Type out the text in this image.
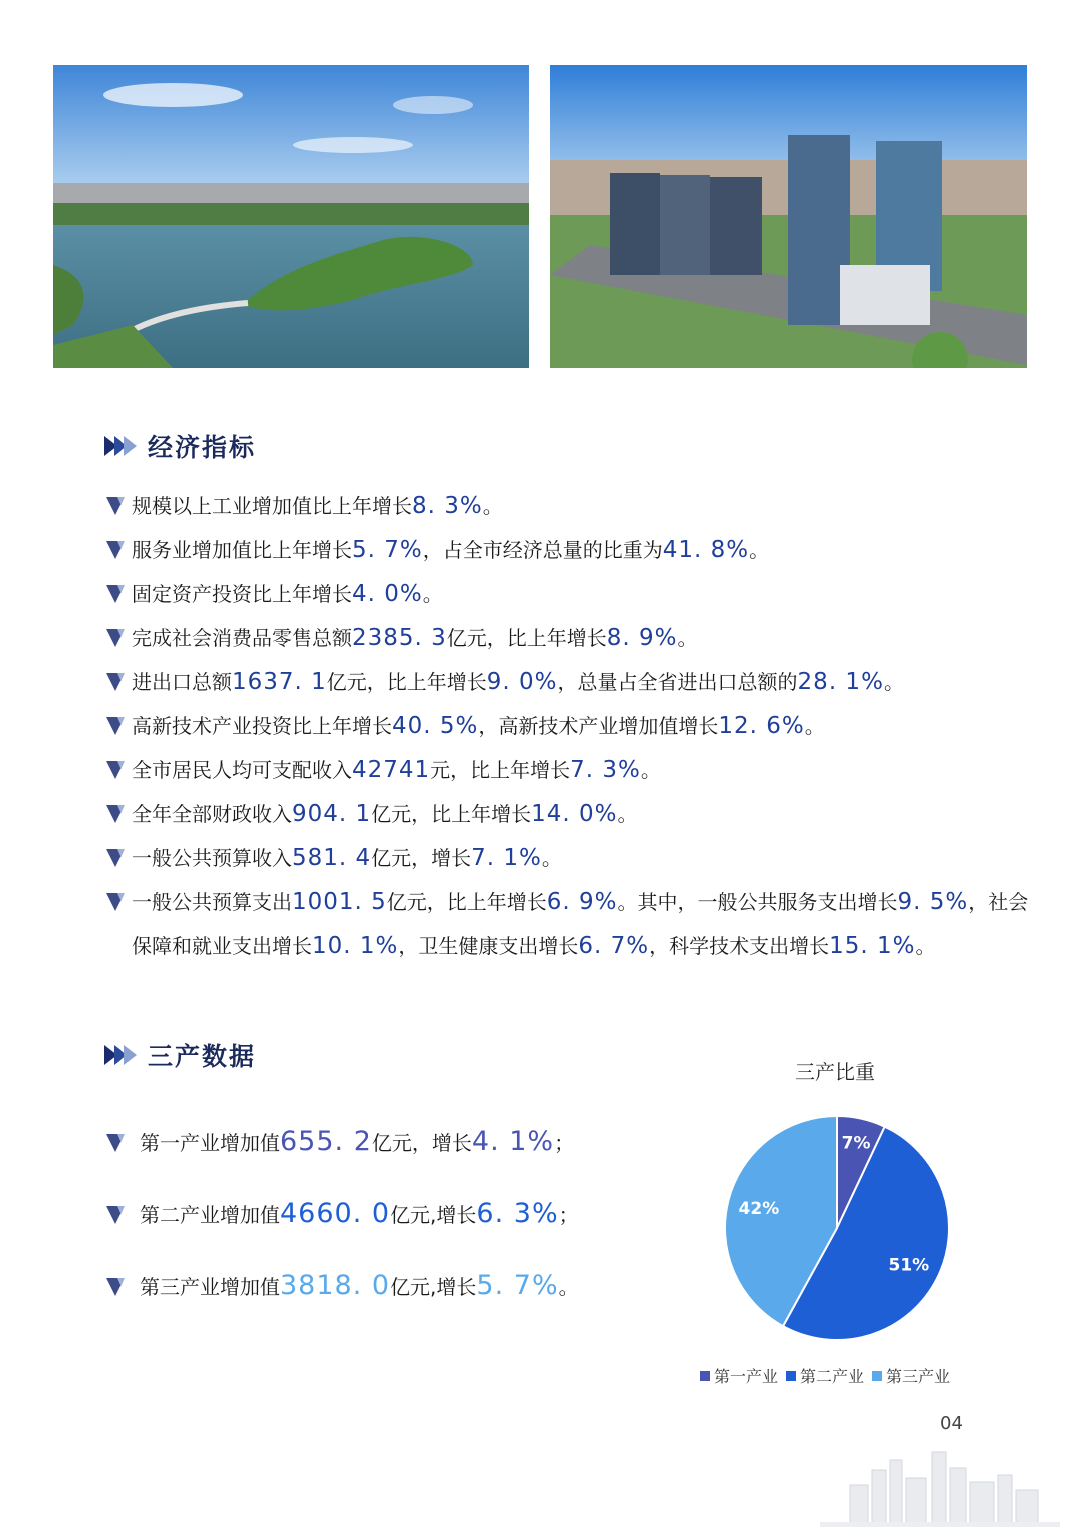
经济指标
规模以上工业增加值比上年增长8. 3%。
服务业增加值比上年增长5. 7%，占全市经济总量的比重为41. 8%。
固定资产投资比上年增长4. 0%。
完成社会消费品零售总额2385. 3亿元，比上年增长8. 9%。
进出口总额1637. 1亿元，比上年增长9. 0%，总量占全省进出口总额的28. 1%。
高新技术产业投资比上年增长40. 5%，高新技术产业增加值增长12. 6%。
全市居民人均可支配收入42741元，比上年增长7. 3%。
全年全部财政收入904. 1亿元，比上年增长14. 0%。
一般公共预算收入581. 4亿元，增长7. 1%。
一般公共预算支出1001. 5亿元，比上年增长6. 9%。其中，一般公共服务支出增长9. 5%，社会保障和就业支出增长10. 1%，卫生健康支出增长6. 7%，科学技术支出增长15. 1%。
三产数据
第一产业增加值655. 2亿元，增长4. 1%；
第二产业增加值4660. 0亿元,增长6. 3%；
第三产业增加值3818. 0亿元,增长5. 7%。
三产比重
7%
51%
42%
第一产业 第二产业 第三产业
04
